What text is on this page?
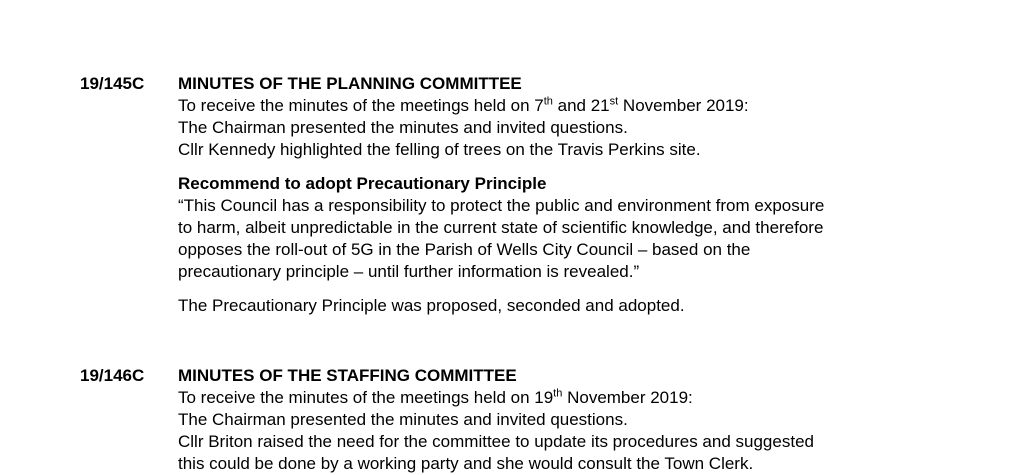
19/145C MINUTES OF THE PLANNING COMMITTEE
To receive the minutes of the meetings held on 7th and 21st November 2019:
The Chairman presented the minutes and invited questions.
Cllr Kennedy highlighted the felling of trees on the Travis Perkins site.
Recommend to adopt Precautionary Principle
“This Council has a responsibility to protect the public and environment from exposure
to harm, albeit unpredictable in the current state of scientific knowledge, and therefore
opposes the roll-out of 5G in the Parish of Wells City Council – based on the
precautionary principle – until further information is revealed.”
The Precautionary Principle was proposed, seconded and adopted.
19/146C MINUTES OF THE STAFFING COMMITTEE
To receive the minutes of the meetings held on 19th November 2019:
The Chairman presented the minutes and invited questions.
Cllr Briton raised the need for the committee to update its procedures and suggested
this could be done by a working party and she would consult the Town Clerk.
